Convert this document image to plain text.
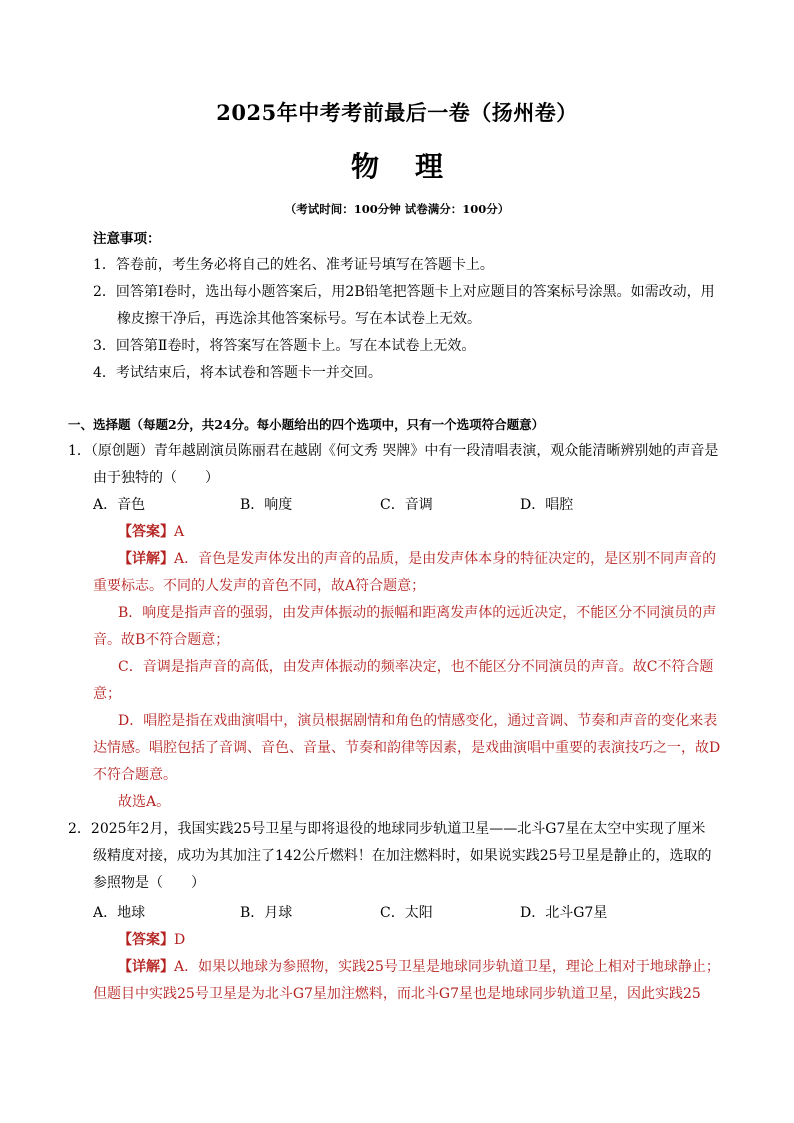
2025年中考考前最后一卷（扬州卷）
物理
（考试时间：100分钟 试卷满分：100分）
注意事项：
1．答卷前，考生务必将自己的姓名、准考证号填写在答题卡上。
2．回答第Ⅰ卷时，选出每小题答案后，用2B铅笔把答题卡上对应题目的答案标号涂黑。如需改动，用
橡皮擦干净后，再选涂其他答案标号。写在本试卷上无效。
3．回答第Ⅱ卷时，将答案写在答题卡上。写在本试卷上无效。
4．考试结束后，将本试卷和答题卡一并交回。
一、选择题（每题2分，共24分。每小题给出的四个选项中，只有一个选项符合题意）
1．（原创题）青年越剧演员陈丽君在越剧《何文秀 哭牌》中有一段清唱表演，观众能清晰辨别她的声音是
由于独特的（　　）
A．音色	B．响度	C．音调	D．唱腔
【答案】A
【详解】A．音色是发声体发出的声音的品质，是由发声体本身的特征决定的，是区别不同声音的
重要标志。不同的人发声的音色不同，故A符合题意；
B．响度是指声音的强弱，由发声体振动的振幅和距离发声体的远近决定，不能区分不同演员的声
音。故B不符合题意；
C．音调是指声音的高低，由发声体振动的频率决定，也不能区分不同演员的声音。故C不符合题
意；
D．唱腔是指在戏曲演唱中，演员根据剧情和角色的情感变化，通过音调、节奏和声音的变化来表
达情感。唱腔包括了音调、音色、音量、节奏和韵律等因素，是戏曲演唱中重要的表演技巧之一，故D
不符合题意。
故选A。
2．2025年2月，我国实践25号卫星与即将退役的地球同步轨道卫星——北斗G7星在太空中实现了厘米
级精度对接，成功为其加注了142公斤燃料！在加注燃料时，如果说实践25号卫星是静止的，选取的
参照物是（　　）
A．地球	B．月球	C．太阳	D．北斗G7星
【答案】D
【详解】A．如果以地球为参照物，实践25号卫星是地球同步轨道卫星，理论上相对于地球静止；
但题目中实践25号卫星是为北斗G7星加注燃料，而北斗G7星也是地球同步轨道卫星，因此实践25
